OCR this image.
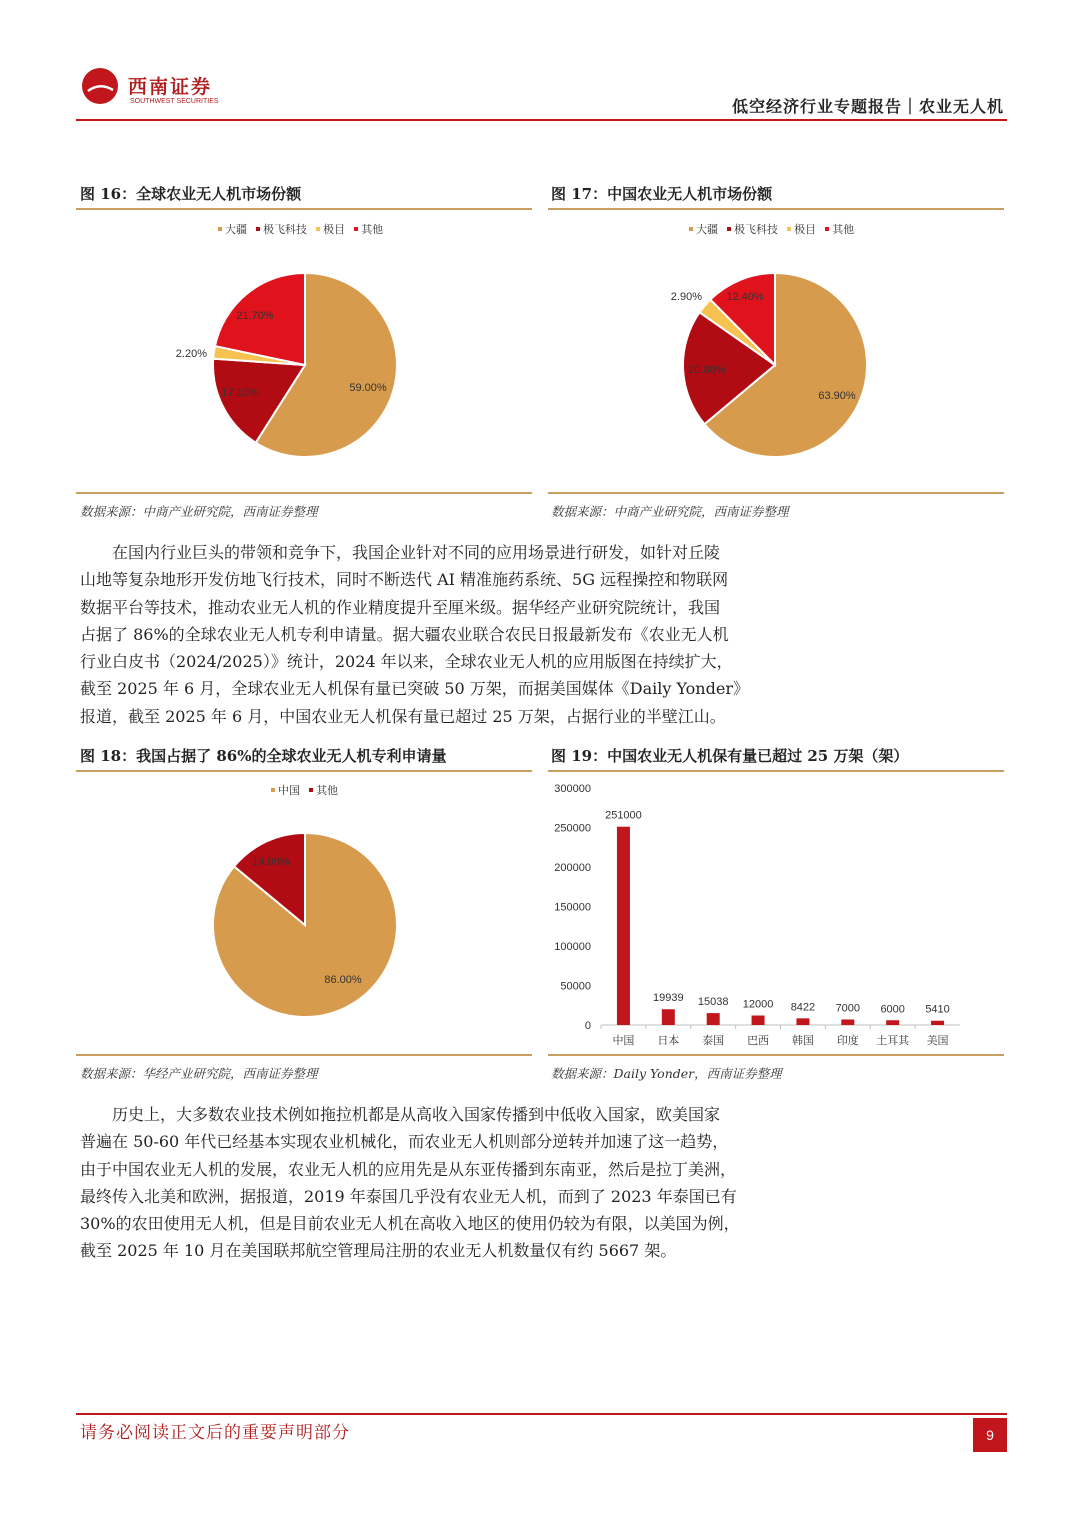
西南证券
SOUTHWEST SECURITIES	低空经济行业专题报告｜农业无人机
图 16：全球农业无人机市场份额
大疆 极飞科技 极目 其他
59.00%
17.10%
2.20%
21.70%
数据来源：中商产业研究院，西南证券整理
图 17：中国农业无人机市场份额
大疆 极飞科技 极目 其他
63.90%
20.80%
2.90% 12.40%
数据来源：中商产业研究院，西南证券整理
在国内行业巨头的带领和竞争下，我国企业针对不同的应用场景进行研发，如针对丘陵
山地等复杂地形开发仿地飞行技术，同时不断迭代 AI 精准施药系统、5G 远程操控和物联网
数据平台等技术，推动农业无人机的作业精度提升至厘米级。据华经产业研究院统计，我国
占据了 86%的全球农业无人机专利申请量。据大疆农业联合农民日报最新发布《农业无人机
行业白皮书（2024/2025）》统计，2024 年以来，全球农业无人机的应用版图在持续扩大，
截至 2025 年 6 月，全球农业无人机保有量已突破 50 万架，而据美国媒体《Daily Yonder》
报道，截至 2025 年 6 月，中国农业无人机保有量已超过 25 万架，占据行业的半壁江山。
图 18：我国占据了 86%的全球农业无人机专利申请量
中国 其他
86.00%
14.00%
数据来源：华经产业研究院，西南证券整理
图 19：中国农业无人机保有量已超过 25 万架（架）
0
50000
100000
150000
200000
250000
300000
251000
中国
19939
日本
15038
泰国
12000
巴西
8422
韩国
7000
印度
6000
土耳其
5410
美国
数据来源：Daily Yonder，西南证券整理
历史上，大多数农业技术例如拖拉机都是从高收入国家传播到中低收入国家，欧美国家
普遍在 50-60 年代已经基本实现农业机械化，而农业无人机则部分逆转并加速了这一趋势，
由于中国农业无人机的发展，农业无人机的应用先是从东亚传播到东南亚，然后是拉丁美洲，
最终传入北美和欧洲，据报道，2019 年泰国几乎没有农业无人机，而到了 2023 年泰国已有
30%的农田使用无人机，但是目前农业无人机在高收入地区的使用仍较为有限，以美国为例，
截至 2025 年 10 月在美国联邦航空管理局注册的农业无人机数量仅有约 5667 架。
请务必阅读正文后的重要声明部分	9
